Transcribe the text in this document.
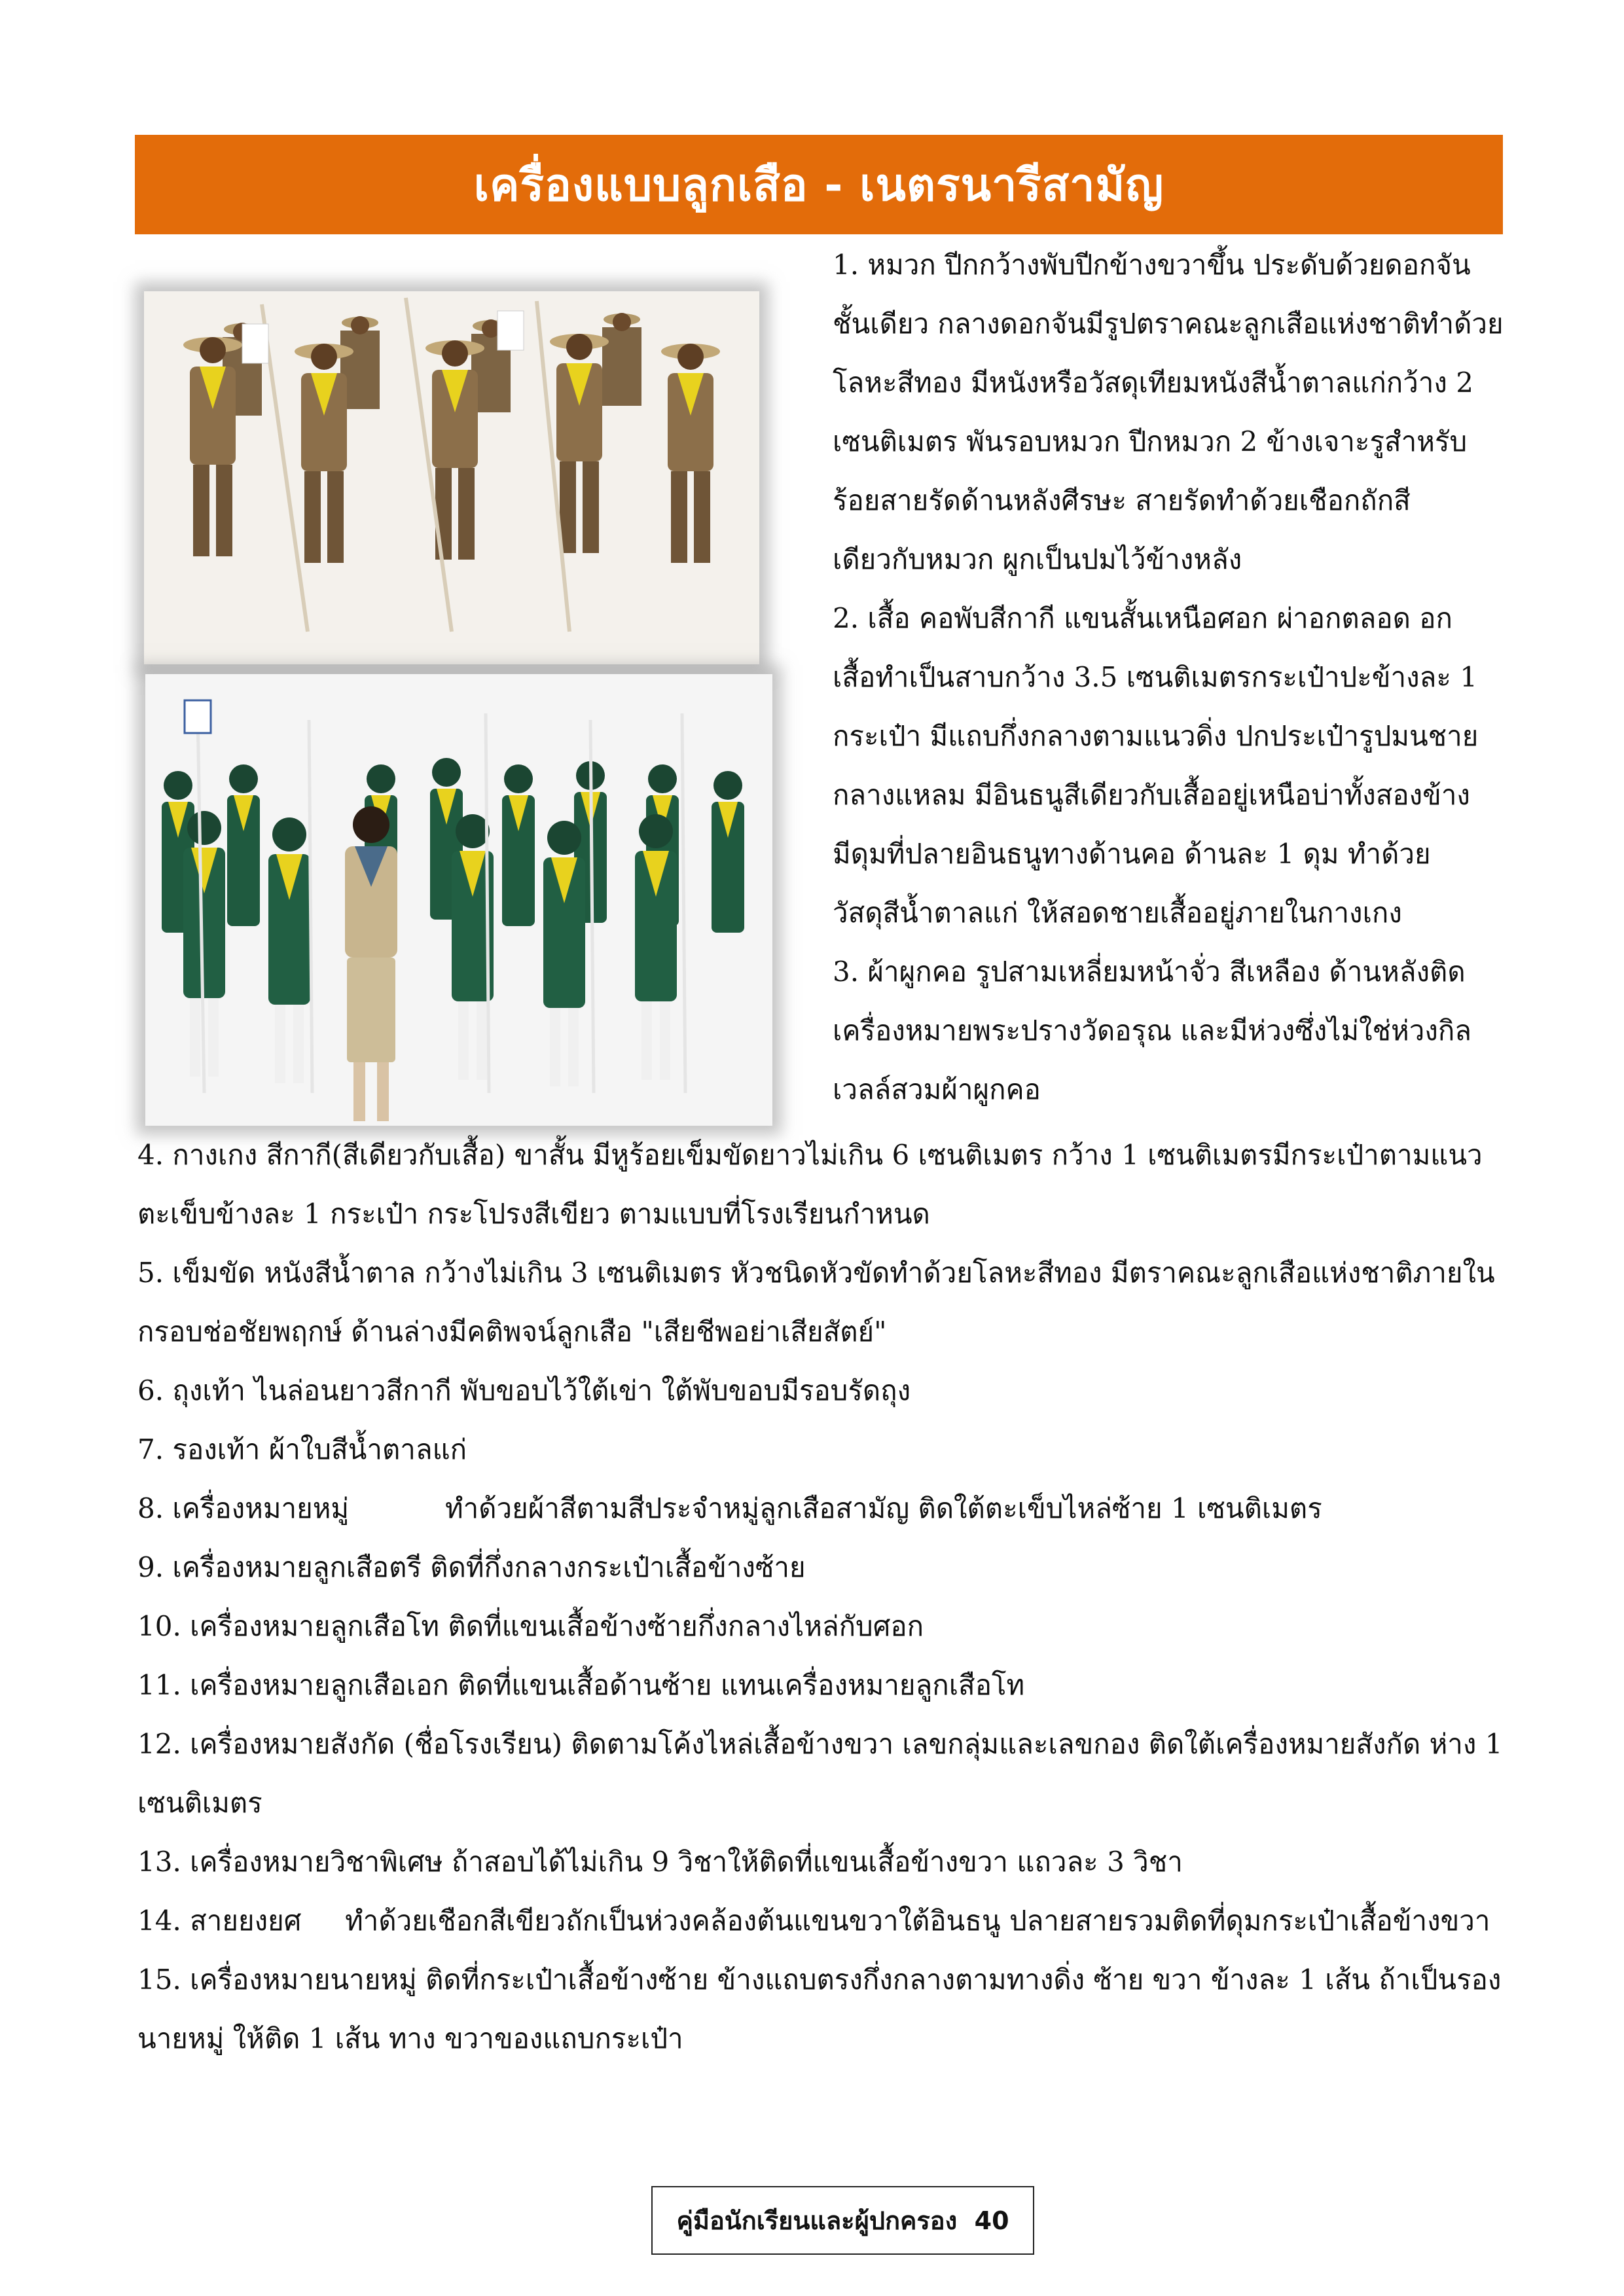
เครื่องแบบลูกเสือ - เนตรนารีสามัญ

1. หมวก ปีกกว้างพับปีกข้างขวาขึ้น ประดับด้วยดอกจัน

ชั้นเดียว กลางดอกจันมีรูปตราคณะลูกเสือแห่งชาติทำด้วย

โลหะสีทอง มีหนังหรือวัสดุเทียมหนังสีน้ำตาลแก่กว้าง 2

เซนติเมตร พันรอบหมวก ปีกหมวก 2 ข้างเจาะรูสำหรับ

ร้อยสายรัดด้านหลังศีรษะ สายรัดทำด้วยเชือกถักสี

เดียวกับหมวก ผูกเป็นปมไว้ข้างหลัง

2. เสื้อ คอพับสีกากี แขนสั้นเหนือศอก ผ่าอกตลอด อก

เสื้อทำเป็นสาบกว้าง 3.5 เซนติเมตรกระเป๋าปะข้างละ 1

กระเป๋า มีแถบกึ่งกลางตามแนวดิ่ง ปกประเป๋ารูปมนชาย

กลางแหลม มีอินธนูสีเดียวกับเสื้ออยู่เหนือบ่าทั้งสองข้าง

มีดุมที่ปลายอินธนูทางด้านคอ ด้านละ 1 ดุม ทำด้วย

วัสดุสีน้ำตาลแก่ ให้สอดชายเสื้ออยู่ภายในกางเกง

3. ผ้าผูกคอ รูปสามเหลี่ยมหน้าจั่ว สีเหลือง ด้านหลังติด

เครื่องหมายพระปรางวัดอรุณ และมีห่วงซึ่งไม่ใช่ห่วงกิล

เวลล์สวมผ้าผูกคอ

4. กางเกง สีกากี(สีเดียวกับเสื้อ) ขาสั้น มีหูร้อยเข็มขัดยาวไม่เกิน 6 เซนติเมตร กว้าง 1 เซนติเมตรมีกระเป๋าตามแนว

ตะเข็บข้างละ 1 กระเป๋า กระโปรงสีเขียว ตามแบบที่โรงเรียนกำหนด

5. เข็มขัด หนังสีน้ำตาล กว้างไม่เกิน 3 เซนติเมตร หัวชนิดหัวขัดทำด้วยโลหะสีทอง มีตราคณะลูกเสือแห่งชาติภายใน

กรอบช่อชัยพฤกษ์ ด้านล่างมีคติพจน์ลูกเสือ "เสียชีพอย่าเสียสัตย์"

6. ถุงเท้า ไนล่อนยาวสีกากี พับขอบไว้ใต้เข่า ใต้พับขอบมีรอบรัดถุง

7. รองเท้า ผ้าใบสีน้ำตาลแก่

8. เครื่องหมายหมู่           ทำด้วยผ้าสีตามสีประจำหมู่ลูกเสือสามัญ ติดใต้ตะเข็บไหล่ซ้าย 1 เซนติเมตร

9. เครื่องหมายลูกเสือตรี ติดที่กึ่งกลางกระเป๋าเสื้อข้างซ้าย

10. เครื่องหมายลูกเสือโท ติดที่แขนเสื้อข้างซ้ายกึ่งกลางไหล่กับศอก

11. เครื่องหมายลูกเสือเอก ติดที่แขนเสื้อด้านซ้าย แทนเครื่องหมายลูกเสือโท

12. เครื่องหมายสังกัด (ชื่อโรงเรียน) ติดตามโค้งไหล่เสื้อข้างขวา เลขกลุ่มและเลขกอง ติดใต้เครื่องหมายสังกัด ห่าง 1

เซนติเมตร

13. เครื่องหมายวิชาพิเศษ ถ้าสอบได้ไม่เกิน 9 วิชาให้ติดที่แขนเสื้อข้างขวา แถวละ 3 วิชา

14. สายยงยศ     ทำด้วยเชือกสีเขียวถักเป็นห่วงคล้องต้นแขนขวาใต้อินธนู ปลายสายรวมติดที่ดุมกระเป๋าเสื้อข้างขวา

15. เครื่องหมายนายหมู่ ติดที่กระเป๋าเสื้อข้างซ้าย ข้างแถบตรงกึ่งกลางตามทางดิ่ง ซ้าย ขวา ข้างละ 1 เส้น ถ้าเป็นรอง

นายหมู่ ให้ติด 1 เส้น ทาง ขวาของแถบกระเป๋า

คู่มือนักเรียนและผู้ปกครอง  40
